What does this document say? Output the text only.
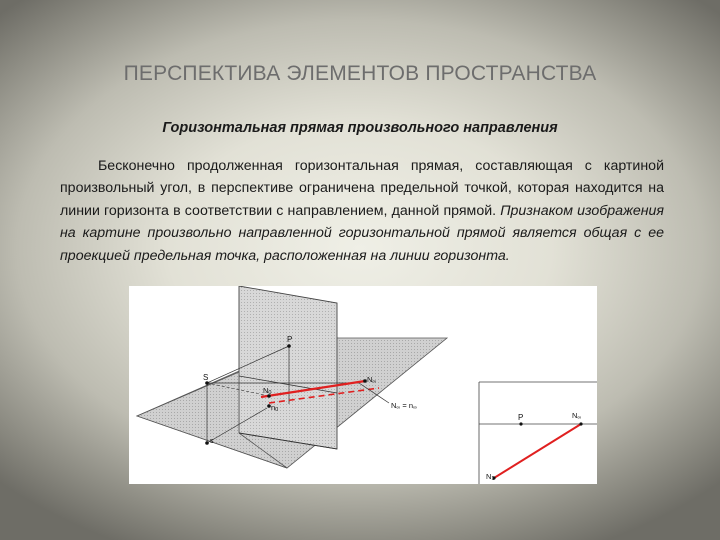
ПЕРСПЕКТИВА ЭЛЕМЕНТОВ ПРОСТРАНСТВА
Горизонтальная прямая произвольного направления
Бесконечно продолженная горизонтальная прямая, составляющая с картиной произвольный угол, в перспективе ограничена предельной точкой, которая находится на линии горизонта в соответствии с направлением, данной прямой. Признаком изображения на картине произвольно направленной горизонтальной прямой является общая с ее проекцией предельная точка, расположенная на линии горизонта.
P
S
s
N0
n0
N∞
N∞ = n∞
P	N∞
N1
